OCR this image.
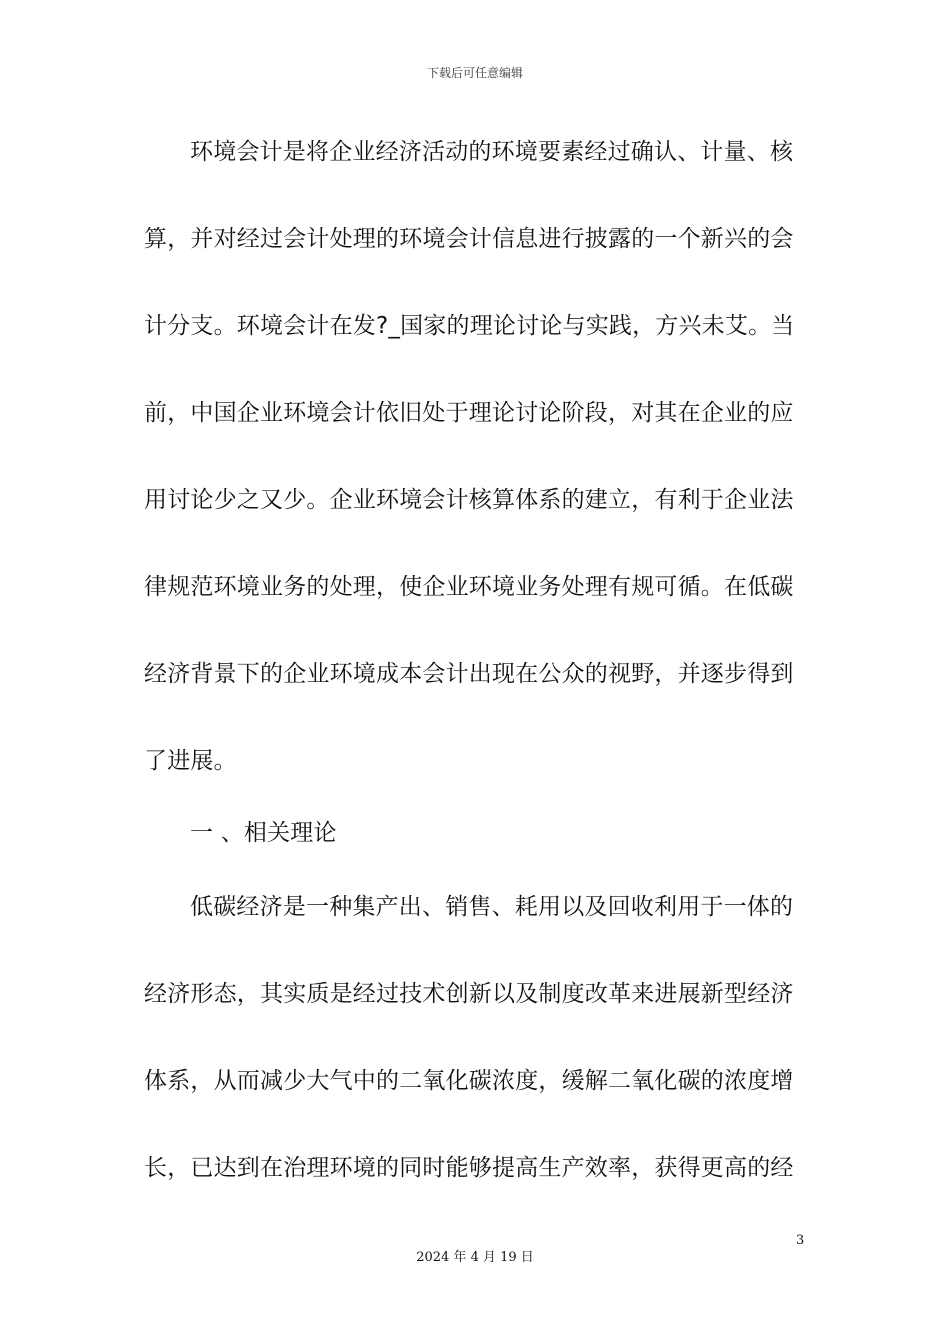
下载后可任意编辑
环境会计是将企业经济活动的环境要素经过确认、计量、核
算，并对经过会计处理的环境会计信息进行披露的一个新兴的会
计分支。环境会计在发?_国家的理论讨论与实践，方兴未艾。当
前，中国企业环境会计依旧处于理论讨论阶段，对其在企业的应
用讨论少之又少。企业环境会计核算体系的建立，有利于企业法
律规范环境业务的处理，使企业环境业务处理有规可循。在低碳
经济背景下的企业环境成本会计出现在公众的视野，并逐步得到
了进展。
一 、相关理论
低碳经济是一种集产出、销售、耗用以及回收利用于一体的
经济形态，其实质是经过技术创新以及制度改革来进展新型经济
体系，从而减少大气中的二氧化碳浓度，缓解二氧化碳的浓度增
长，已达到在治理环境的同时能够提高生产效率，获得更高的经
3
2024 年 4 月 19 日
